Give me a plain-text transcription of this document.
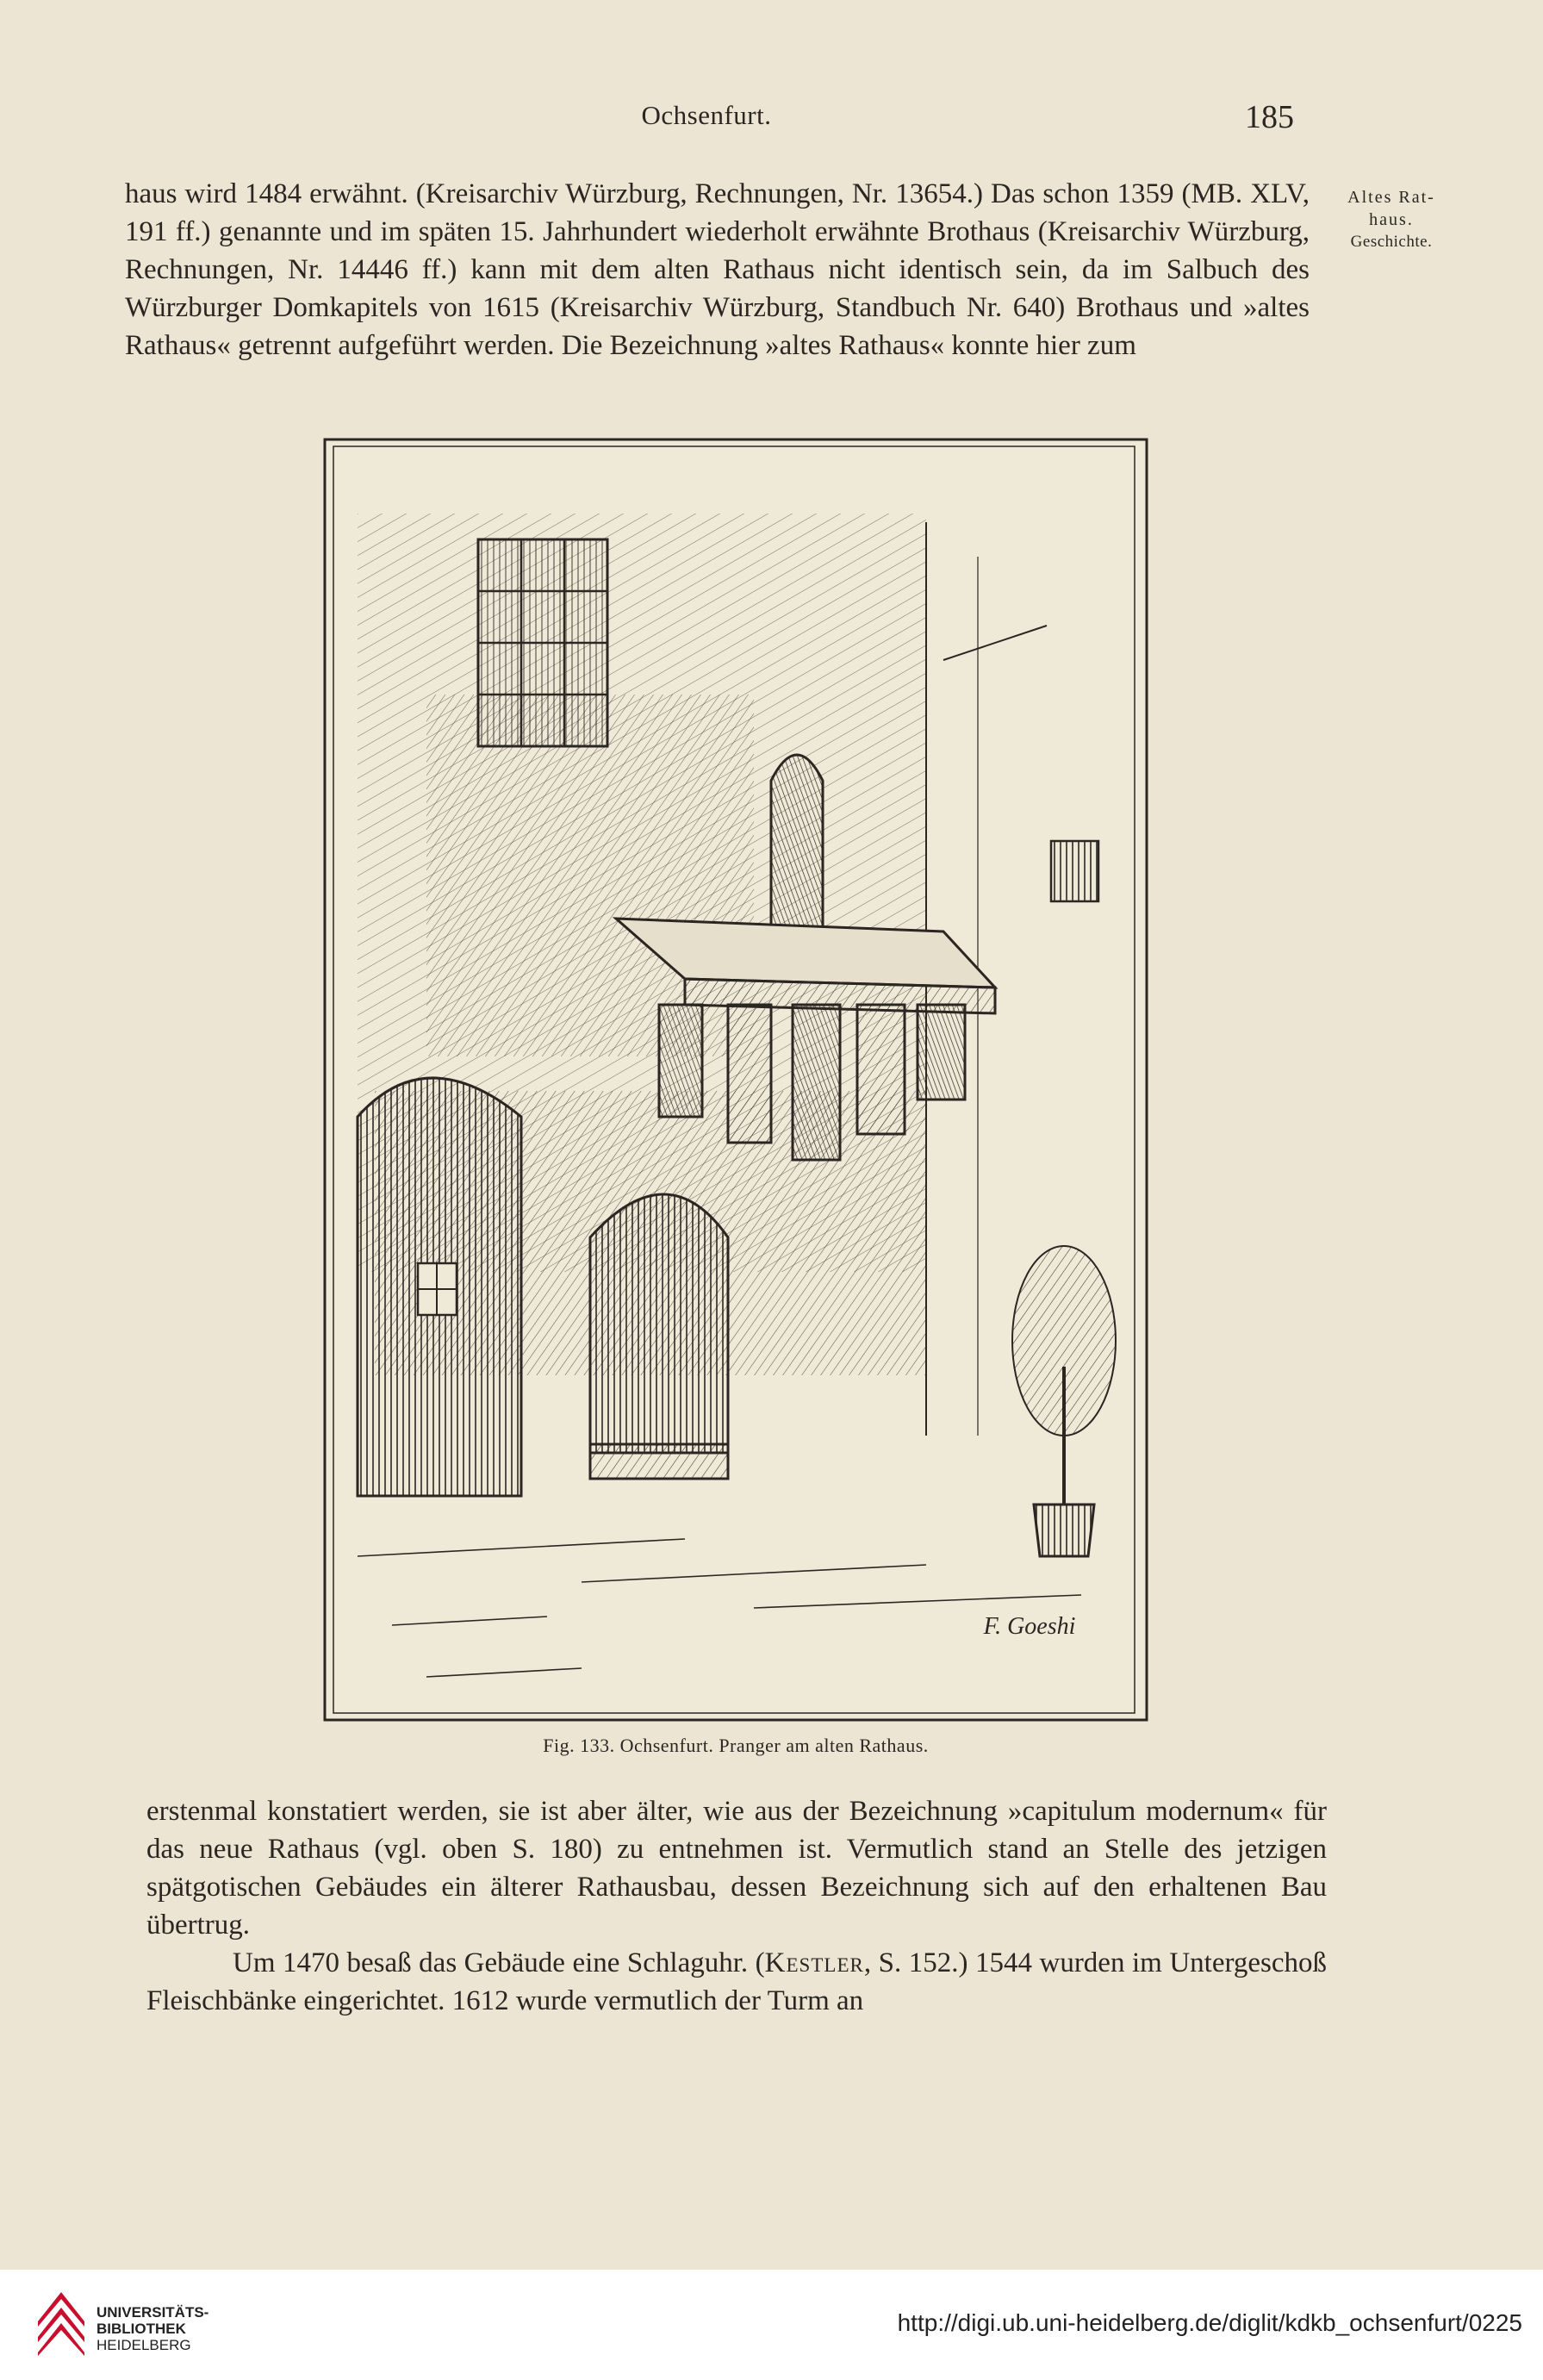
Ochsenfurt.	185
Altes Rat-
haus.
Geschichte.

haus wird 1484 erwähnt. (Kreisarchiv Würzburg, Rechnungen, Nr. 13654.) Das schon 1359 (MB. XLV, 191 ff.) genannte und im späten 15. Jahrhundert wiederholt erwähnte Brothaus (Kreisarchiv Würzburg, Rechnungen, Nr. 14446 ff.) kann mit dem alten Rathaus nicht identisch sein, da im Salbuch des Würzburger Domkapitels von 1615 (Kreisarchiv Würzburg, Standbuch Nr. 640) Brothaus und »altes Rathaus« getrennt aufgeführt werden. Die Bezeichnung »altes Rathaus« konnte hier zum

F. Goeshi
Fig. 133. Ochsenfurt. Pranger am alten Rathaus.

erstenmal konstatiert werden, sie ist aber älter, wie aus der Bezeichnung »capitulum modernum« für das neue Rathaus (vgl. oben S. 180) zu entnehmen ist. Vermutlich stand an Stelle des jetzigen spätgotischen Gebäudes ein älterer Rathausbau, dessen Bezeichnung sich auf den erhaltenen Bau übertrug.

Um 1470 besaß das Gebäude eine Schlaguhr. (Kestler, S. 152.) 1544 wurden im Untergeschoß Fleischbänke eingerichtet. 1612 wurde vermutlich der Turm an

UNIVERSITÄTS-
BIBLIOTHEK
HEIDELBERG
http://digi.ub.uni-heidelberg.de/diglit/kdkb_ochsenfurt/0225
